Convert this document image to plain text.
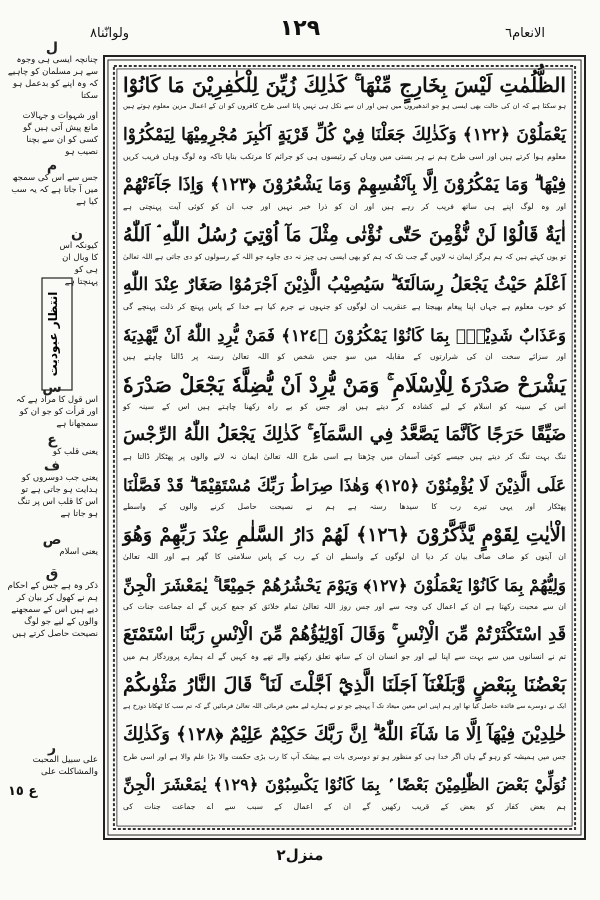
ولوانّنا٨	١٢٩	الانعام٦
ل
چنانچہ ایسی ہی وجوہ سے ہر مسلمان کو چاہیے کہ وہ اپنے کو بدعمل ہو سکتا
اور شہوات و جہالات مانع پیش آتی ہیں گو کسی کو ان سے بچنا نصیب ہو
م
جس سے اس کی سمجھ میں آ جاتا ہے کہ یہ سب کیا ہے
ن
کیونکہ اس کا وبال ان ہی کو پہنچتا ہے
انتظار عبودیت
س
اس قول کا مراد ہے کہ اور قرأت کو جو ان کو سمجھانا ہے
ع
یعنی قلب کو
ف
یعنی جب دوسروں کو ہدایت ہو جاتی ہے تو اس کا قلب اس پر تنگ ہو جاتا ہے
ص
یعنی اسلام
ق
ذکر وہ ہے جس کے احکام ہم نے کھول کر بیان کر دیے ہیں اس کے سمجھنے والوں کے لیے جو لوگ نصیحت حاصل کرتے ہیں
ر
علی سبیل المحبت والمشاکلت علی
ع ١٥
الظُّلُمٰتِ لَيْسَ بِخَارِجٍ مِّنْهَا ۚ كَذٰلِكَ زُيِّنَ لِلْكٰفِرِيْنَ مَا كَانُوْا
ہو سکتا ہے کہ ان کی حالت بھی ایسی ہو جو اندھیروں میں ہیں اور ان سے نکل ہی نہیں پاتا اسی طرح کافروں کو ان کے اعمال مزین معلوم ہوتے ہیں
يَعْمَلُوْنَ ﴿١٢٢﴾ وَكَذٰلِكَ جَعَلْنَا فِيْ كُلِّ قَرْيَةٍ اَكٰبِرَ مُجْرِمِيْهَا لِيَمْكُرُوْا
معلوم ہوا کرتے ہیں اور اسی طرح ہم نے ہر بستی میں وہاں کے رئیسوں ہی کو جرائم کا مرتکب بنایا تاکہ وہ لوگ وہاں فریب کریں
فِيْهَا ۗ وَمَا يَمْكُرُوْنَ اِلَّا بِاَنْفُسِهِمْ وَمَا يَشْعُرُوْنَ ﴿١٢٣﴾ وَاِذَا جَآءَتْهُمْ
اور وہ لوگ اپنے ہی ساتھ فریب کر رہے ہیں اور ان کو ذرا خبر نہیں اور جب ان کو کوئی آیت پہنچتی ہے
اٰيَةٌ قَالُوْا لَنْ نُّؤْمِنَ حَتّٰى نُؤْتٰى مِثْلَ مَآ اُوْتِيَ رُسُلُ اللّٰهِ ۘ اَللّٰهُ
تو یوں کہتے ہیں کہ ہم ہرگز ایمان نہ لاویں گے جب تک کہ ہم کو بھی ایسی ہی چیز نہ دی جاوے جو اللہ کے رسولوں کو دی جاتی ہے اللہ تعالیٰ
اَعْلَمُ حَيْثُ يَجْعَلُ رِسَالَتَهٗ ۗ سَيُصِيْبُ الَّذِيْنَ اَجْرَمُوْا صَغَارٌ عِنْدَ اللّٰهِ
کو خوب معلوم ہے جہاں اپنا پیغام بھیجتا ہے عنقریب ان لوگوں کو جنہوں نے جرم کیا ہے خدا کے پاس پہنچ کر ذلت پہنچے گی
وَعَذَابٌ شَدِيْدٌۢ بِمَا كَانُوْا يَمْكُرُوْنَ ﴿١٢٤﴾ فَمَنْ يُّرِدِ اللّٰهُ اَنْ يَّهْدِيَهٗ
اور سزائے سخت ان کی شرارتوں کے مقابلہ میں سو جس شخص کو اللہ تعالیٰ رستہ پر ڈالنا چاہتے ہیں
يَشْرَحْ صَدْرَهٗ لِلْاِسْلَامِ ۚ وَمَنْ يُّرِدْ اَنْ يُّضِلَّهٗ يَجْعَلْ صَدْرَهٗ
اس کے سینہ کو اسلام کے لیے کشادہ کر دیتے ہیں اور جس کو بے راہ رکھنا چاہتے ہیں اس کے سینہ کو
ضَيِّقًا حَرَجًا كَاَنَّمَا يَصَّعَّدُ فِي السَّمَآءِ ۚ كَذٰلِكَ يَجْعَلُ اللّٰهُ الرِّجْسَ
تنگ بہت تنگ کر دیتے ہیں جیسے کوئی آسمان میں چڑھتا ہے اسی طرح اللہ تعالیٰ ایمان نہ لانے والوں پر پھٹکار ڈالتا ہے
عَلَى الَّذِيْنَ لَا يُؤْمِنُوْنَ ﴿١٢٥﴾ وَهٰذَا صِرَاطُ رَبِّكَ مُسْتَقِيْمًا ۗ قَدْ فَصَّلْنَا
پھٹکار اور یہی تیرے رب کا سیدھا رستہ ہے ہم نے نصیحت حاصل کرنے والوں کے واسطے
الْاٰيٰتِ لِقَوْمٍ يَّذَّكَّرُوْنَ ﴿١٢٦﴾ لَهُمْ دَارُ السَّلٰمِ عِنْدَ رَبِّهِمْ وَهُوَ
ان آیتوں کو صاف صاف بیان کر دیا ان لوگوں کے واسطے ان کے رب کے پاس سلامتی کا گھر ہے اور اللہ تعالیٰ
وَلِيُّهُمْ بِمَا كَانُوْا يَعْمَلُوْنَ ﴿١٢٧﴾ وَيَوْمَ يَحْشُرُهُمْ جَمِيْعًا ۚ يٰمَعْشَرَ الْجِنِّ
ان سے محبت رکھتا ہے ان کے اعمال کی وجہ سے اور جس روز اللہ تعالیٰ تمام خلائق کو جمع کریں گے اے جماعت جنات کی
قَدِ اسْتَكْثَرْتُمْ مِّنَ الْاِنْسِ ۚ وَقَالَ اَوْلِيٰٓؤُهُمْ مِّنَ الْاِنْسِ رَبَّنَا اسْتَمْتَعَ
تم نے انسانوں میں سے بہت سے اپنا لیے اور جو انسان ان کے ساتھ تعلق رکھنے والے تھے وہ کہیں گے اے ہمارے پروردگار ہم میں
بَعْضُنَا بِبَعْضٍ وَّبَلَغْنَآ اَجَلَنَا الَّذِيْٓ اَجَّلْتَ لَنَا ۚ قَالَ النَّارُ مَثْوٰىكُمْ
ایک نے دوسرے سے فائدہ حاصل کیا تھا اور ہم اپنی اس معین میعاد تک آ پہنچے جو تو نے ہمارے لیے معین فرمائی اللہ تعالیٰ فرمائیں گے کہ تم سب کا ٹھکانا دوزخ ہے
خٰلِدِيْنَ فِيْهَآ اِلَّا مَا شَآءَ اللّٰهُ ۗ اِنَّ رَبَّكَ حَكِيْمٌ عَلِيْمٌ ﴿١٢٨﴾ وَكَذٰلِكَ
جس میں ہمیشہ کو رہو گے ہاں اگر خدا ہی کو منظور ہو تو دوسری بات ہے بیشک آپ کا رب بڑی حکمت والا بڑا علم والا ہے اور اسی طرح
نُوَلِّيْ بَعْضَ الظّٰلِمِيْنَ بَعْضًا ۢ بِمَا كَانُوْا يَكْسِبُوْنَ ﴿١٢٩﴾ يٰمَعْشَرَ الْجِنِّ
ہم بعض کفار کو بعض کے قریب رکھیں گے ان کے اعمال کے سبب سے اے جماعت جنات کی
منزل٢
